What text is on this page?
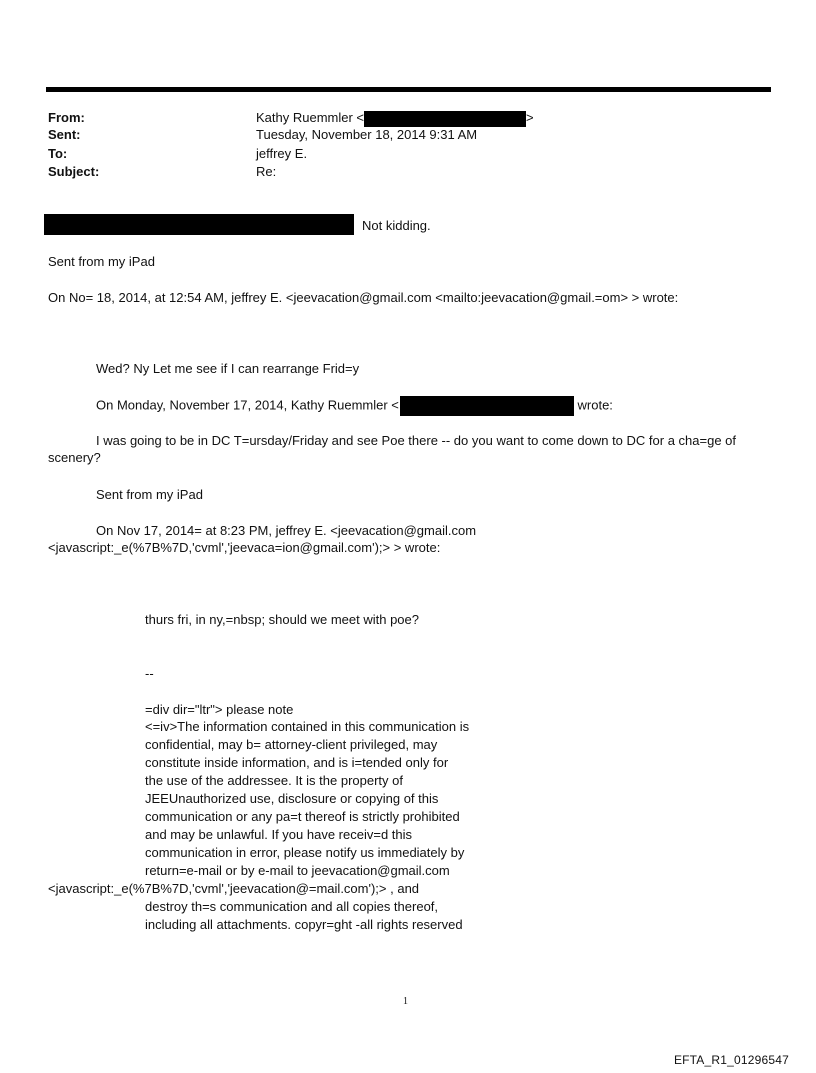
From:	Kathy Ruemmler <	>
Sent:	Tuesday, November 18, 2014 9:31 AM
To:	jeffrey E.
Subject:	Re:
Not kidding.
Sent from my iPad
On No= 18, 2014, at 12:54 AM, jeffrey E. <jeevacation@gmail.com <mailto:jeevacation@gmail.=om> > wrote:
Wed? Ny Let me see if I can rearrange Frid=y
On Monday, November 17, 2014, Kathy Ruemmler <	wrote:
I was going to be in DC T=ursday/Friday and see Poe there -- do you want to come down to DC for a cha=ge of
scenery?
Sent from my iPad
On Nov 17, 2014= at 8:23 PM, jeffrey E. <jeevacation@gmail.com
<javascript:_e(%7B%7D,'cvml','jeevaca=ion@gmail.com');> > wrote:
thurs fri, in ny,=nbsp; should we meet with poe?
--
=div dir="ltr"> please note
<=iv>The information contained in this communication is
confidential, may b= attorney-client privileged, may
constitute inside information, and is i=tended only for
the use of the addressee. It is the property of
JEEUnauthorized use, disclosure or copying of this
communication or any pa=t thereof is strictly prohibited
and may be unlawful. If you have receiv=d this
communication in error, please notify us immediately by
return=e-mail or by e-mail to jeevacation@gmail.com
<javascript:_e(%7B%7D,'cvml','jeevacation@=mail.com');> , and
destroy th=s communication and all copies thereof,
including all attachments. copyr=ght -all rights reserved
1
EFTA_R1_01296547
